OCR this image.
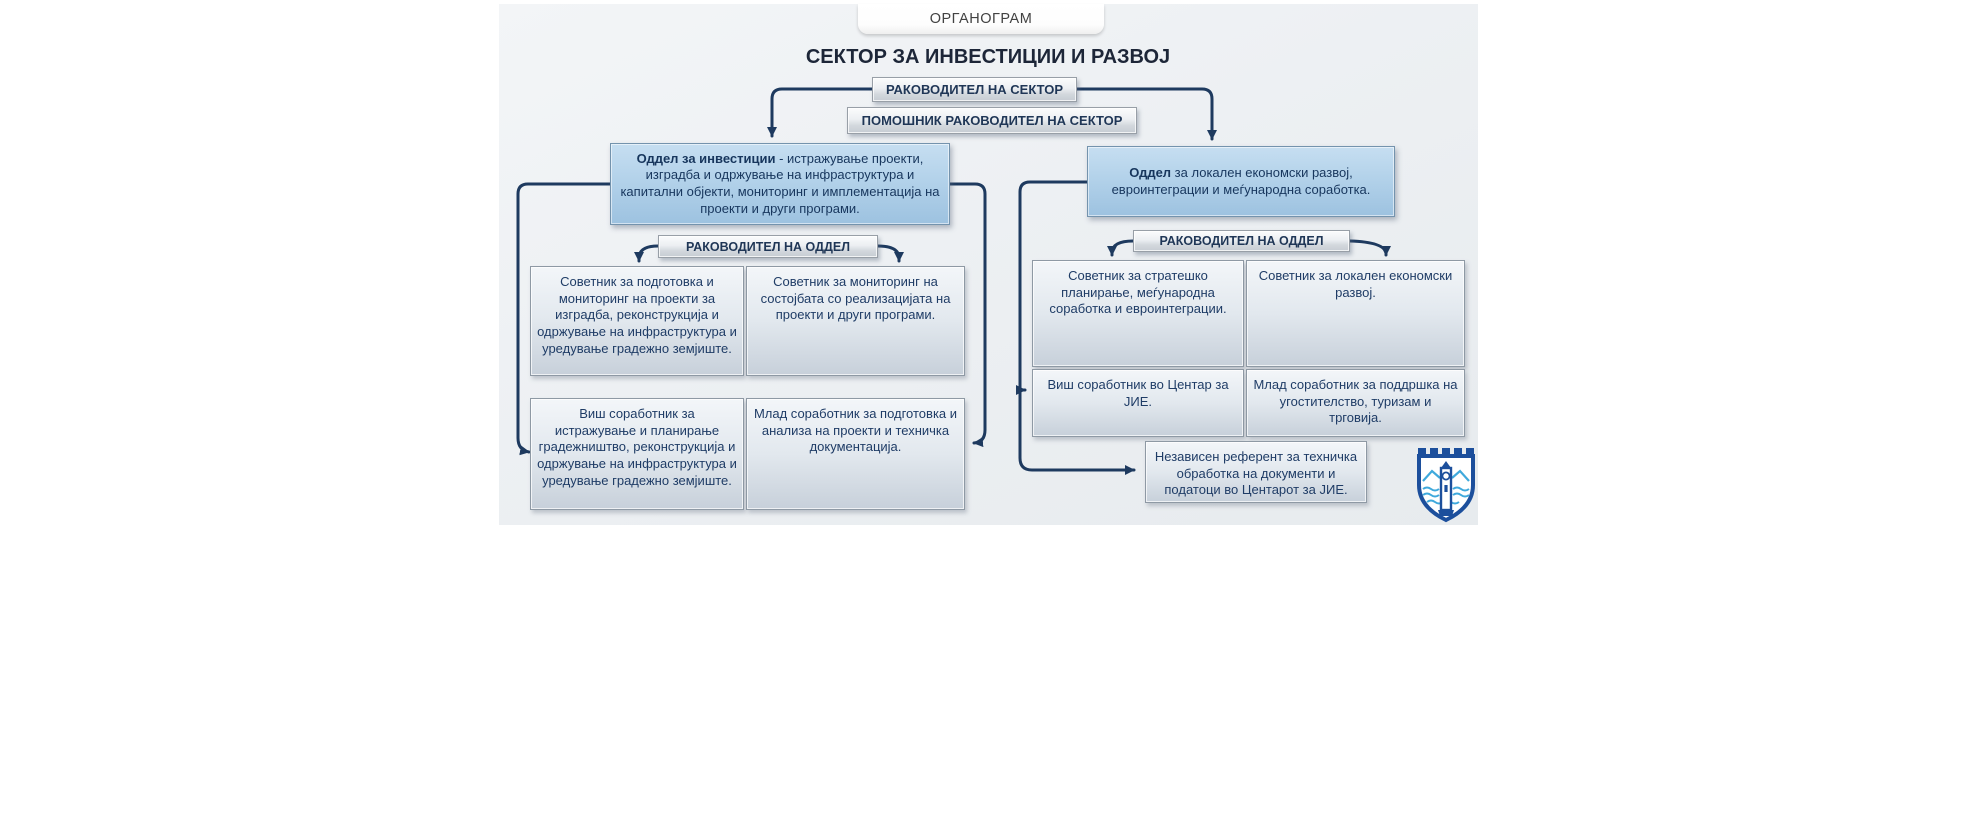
ОРГАНОГРАМ
СЕКТОР ЗА ИНВЕСТИЦИИ И РАЗВОЈ
РАКОВОДИТЕЛ НА СЕКТОР
ПОМОШНИК РАКОВОДИТЕЛ НА СЕКТОР
Оддел за инвестиции - истражување проекти, изградба и одржување на инфраструктура и капитални објекти, мониторинг и имплементација на проекти и други програми.
РАКОВОДИТЕЛ НА ОДДЕЛ
Советник за подготовка и мониторинг на проекти за изградба, реконструкција и одржување на инфраструктура и уредување градежно земјиште.
Советник за мониторинг на состојбата со реализацијата на проекти и други програми.
Виш соработник за истражување и планирање градежништво, реконструкција и одржување на инфраструктура и уредување градежно земјиште.
Млад соработник за подготовка и анализа на проекти и техничка документација.
Оддел за локален економски развој, евроинтеграции и меѓународна соработка.
РАКОВОДИТЕЛ НА ОДДЕЛ
Советник за стратешко планирање, меѓународна соработка и евроинтеграции.
Советник за локален економски развој.
Виш соработник во Центар за ЈИЕ.
Млад соработник за поддршка на угостителство, туризам и трговија.
Независен референт за техничка обработка на документи и податоци во Центарот за ЈИЕ.
